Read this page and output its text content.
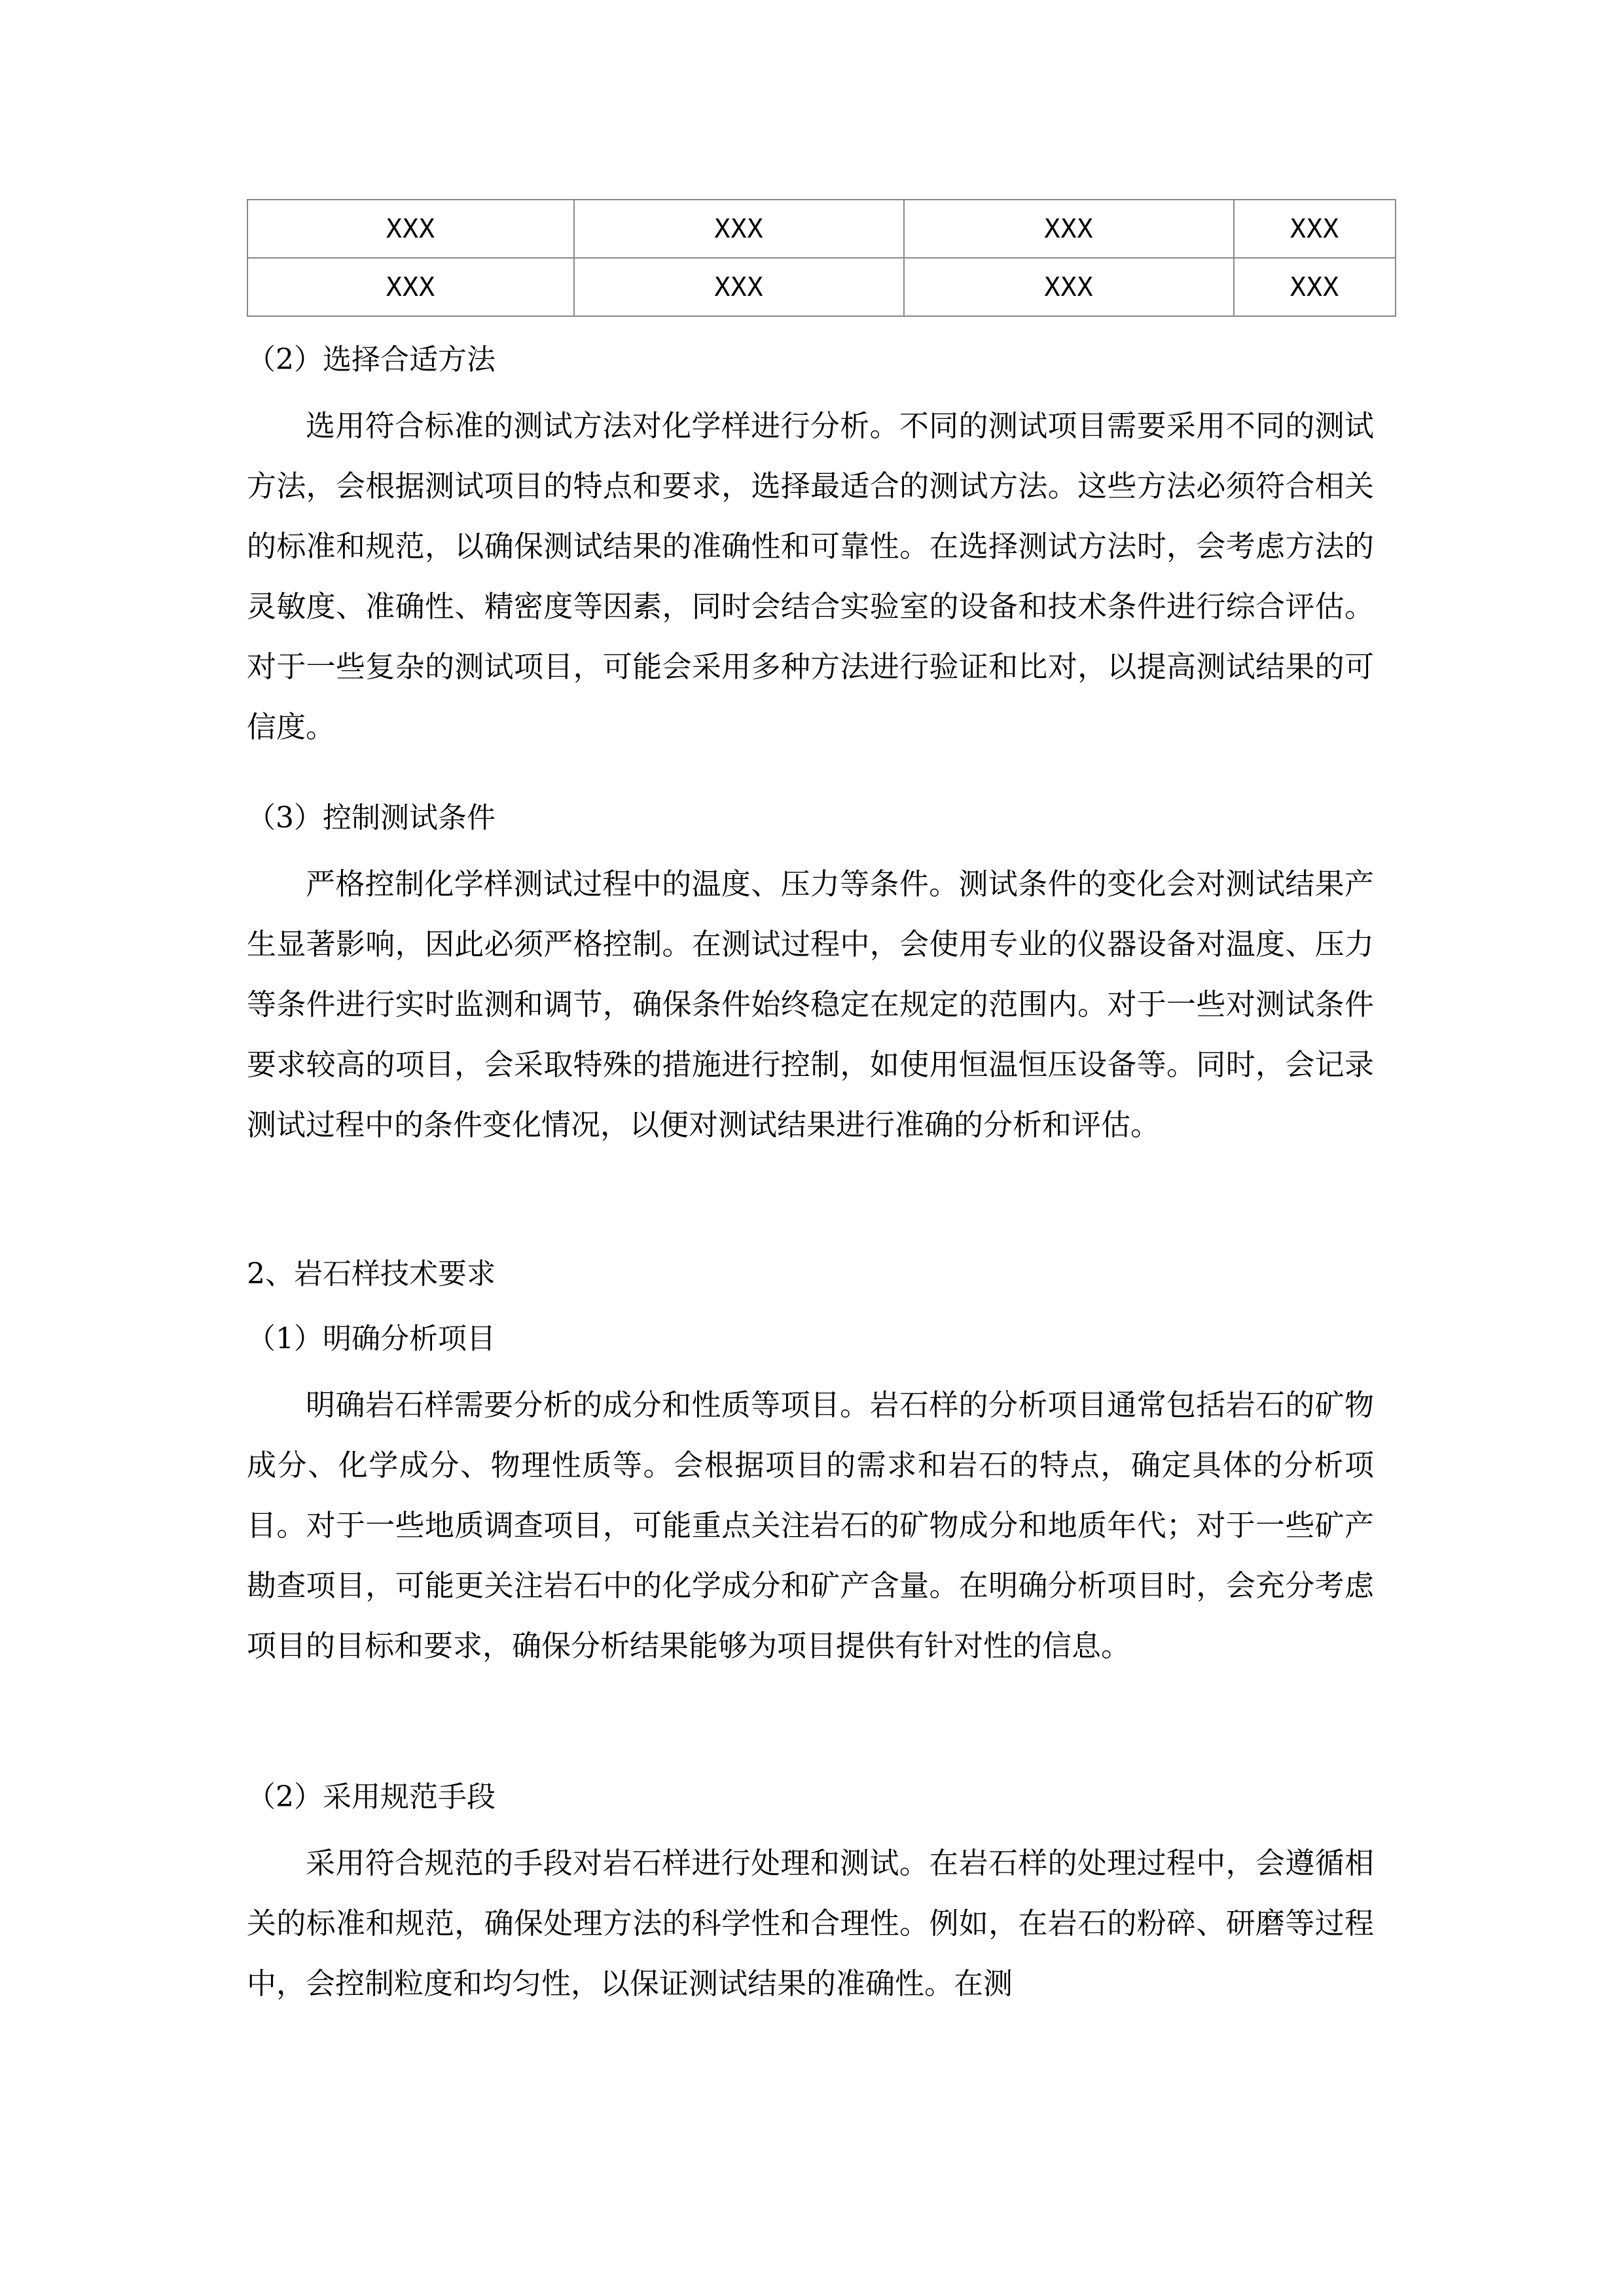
XXX	XXX	XXX	XXX
XXX	XXX	XXX	XXX
（2）选择合适方法

选用符合标准的测试方法对化学样进行分析。不同的测试项目需要采用不同的测试方法，会根据测试项目的特点和要求，选择最适合的测试方法。这些方法必须符合相关的标准和规范，以确保测试结果的准确性和可靠性。在选择测试方法时，会考虑方法的灵敏度、准确性、精密度等因素，同时会结合实验室的设备和技术条件进行综合评估。对于一些复杂的测试项目，可能会采用多种方法进行验证和比对，以提高测试结果的可信度。

（3）控制测试条件

严格控制化学样测试过程中的温度、压力等条件。测试条件的变化会对测试结果产生显著影响，因此必须严格控制。在测试过程中，会使用专业的仪器设备对温度、压力等条件进行实时监测和调节，确保条件始终稳定在规定的范围内。对于一些对测试条件要求较高的项目，会采取特殊的措施进行控制，如使用恒温恒压设备等。同时，会记录测试过程中的条件变化情况，以便对测试结果进行准确的分析和评估。

2、岩石样技术要求
（1）明确分析项目

明确岩石样需要分析的成分和性质等项目。岩石样的分析项目通常包括岩石的矿物成分、化学成分、物理性质等。会根据项目的需求和岩石的特点，确定具体的分析项目。对于一些地质调查项目，可能重点关注岩石的矿物成分和地质年代；对于一些矿产勘查项目，可能更关注岩石中的化学成分和矿产含量。在明确分析项目时，会充分考虑项目的目标和要求，确保分析结果能够为项目提供有针对性的信息。

（2）采用规范手段

采用符合规范的手段对岩石样进行处理和测试。在岩石样的处理过程中，会遵循相关的标准和规范，确保处理方法的科学性和合理性。例如，在岩石的粉碎、研磨等过程中，会控制粒度和均匀性，以保证测试结果的准确性。在测
